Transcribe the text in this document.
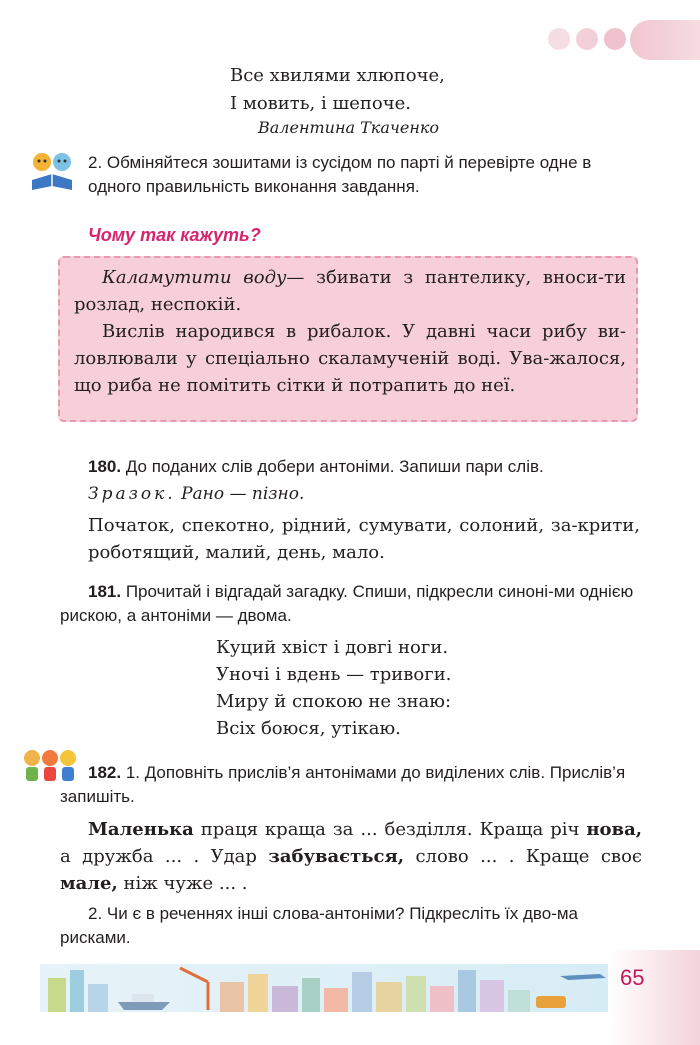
Все хвилями хлюпоче,
І мовить, і шепоче.
Валентина Ткаченко
2. Обміняйтеся зошитами із сусідом по парті й перевірте одне в одного правильність виконання завдання.
Чому так кажуть?
Каламутити воду— збивати з пантелику, вноси-ти розлад, неспокій.
Вислів народився в рибалок. У давні часи рибу ви-ловлювали у спеціально скаламученій воді. Ува-жалося, що риба не помітить сітки й потрапить до неї.
180. До поданих слів добери антоніми. Запиши пари слів.
Зразок. Рано — пізно.
Початок, спекотно, рідний, сумувати, солоний, за-крити, роботящий, малий, день, мало.
181. Прочитай і відгадай загадку. Спиши, підкресли синоні-ми однією рискою, а антоніми — двома.
Куций хвіст і довгі ноги.
Уночі і вдень — тривоги.
Миру й спокою не знаю:
Всіх боюся, утікаю.
182. 1. Доповніть прислів’я антонімами до виділених слів. Прислів’я запишіть.
Маленька праця краща за ... безділля. Краща річ нова, а дружба ... . Удар забувається, слово ... . Краще своє мале, ніж чуже ... .
2. Чи є в реченнях інші слова-антоніми? Підкресліть їх дво-ма рисками.
65
